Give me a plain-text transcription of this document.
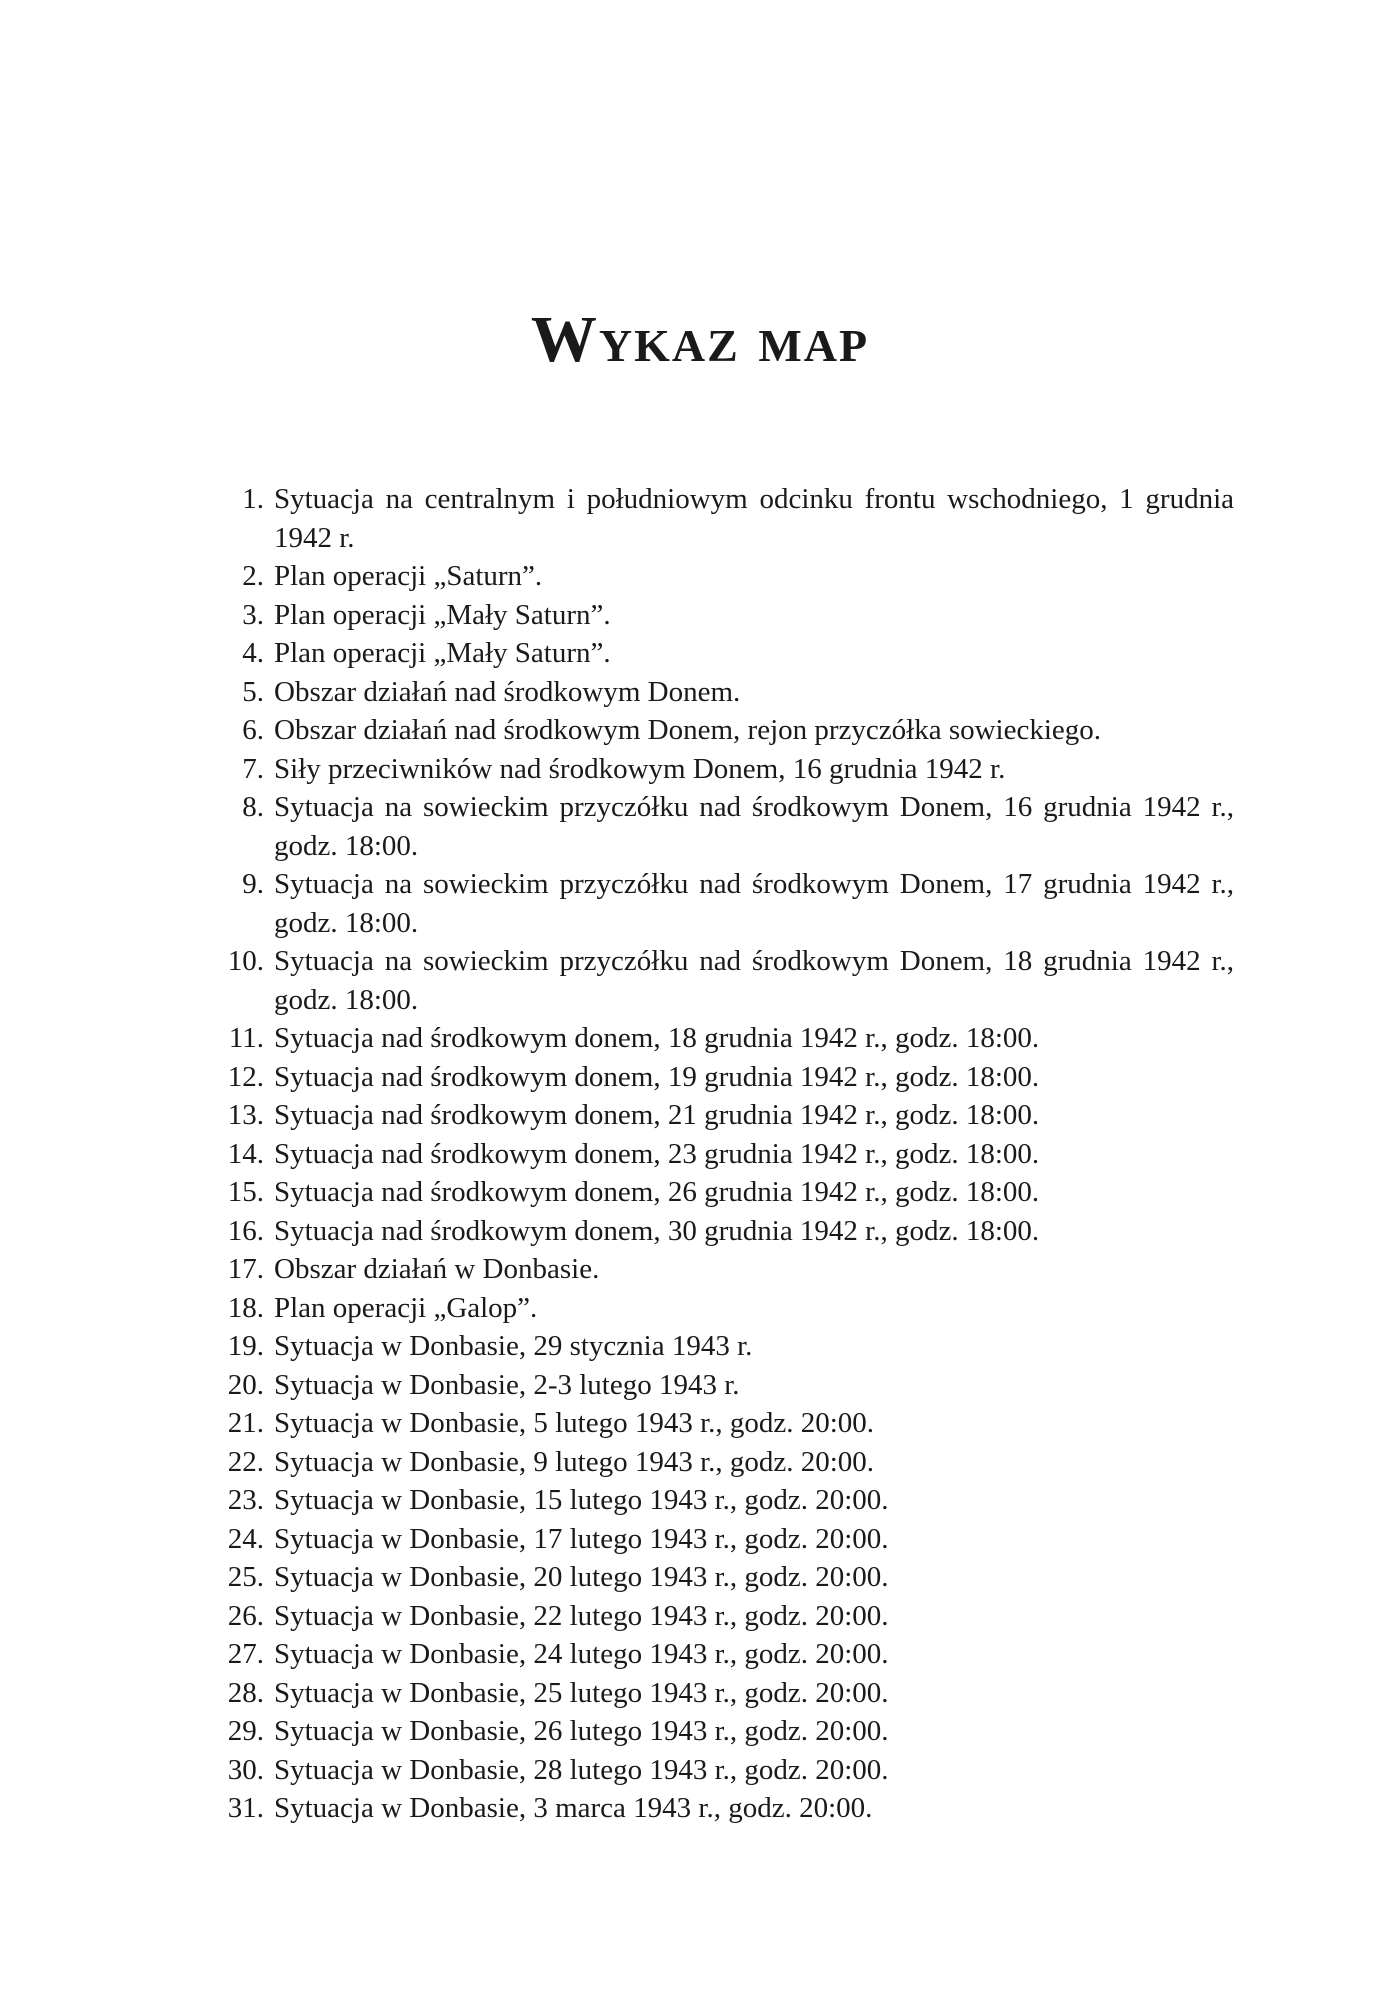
Wykaz map
1. Sytuacja na centralnym i południowym odcinku frontu wschodniego, 1 grudnia 1942 r.
2. Plan operacji „Saturn”.
3. Plan operacji „Mały Saturn”.
4. Plan operacji „Mały Saturn”.
5. Obszar działań nad środkowym Donem.
6. Obszar działań nad środkowym Donem, rejon przyczółka sowieckiego.
7. Siły przeciwników nad środkowym Donem, 16 grudnia 1942 r.
8. Sytuacja na sowieckim przyczółku nad środkowym Donem, 16 grudnia 1942 r., godz. 18:00.
9. Sytuacja na sowieckim przyczółku nad środkowym Donem, 17 grudnia 1942 r., godz. 18:00.
10. Sytuacja na sowieckim przyczółku nad środkowym Donem, 18 grudnia 1942 r., godz. 18:00.
11. Sytuacja nad środkowym donem, 18 grudnia 1942 r., godz. 18:00.
12. Sytuacja nad środkowym donem, 19 grudnia 1942 r., godz. 18:00.
13. Sytuacja nad środkowym donem, 21 grudnia 1942 r., godz. 18:00.
14. Sytuacja nad środkowym donem, 23 grudnia 1942 r., godz. 18:00.
15. Sytuacja nad środkowym donem, 26 grudnia 1942 r., godz. 18:00.
16. Sytuacja nad środkowym donem, 30 grudnia 1942 r., godz. 18:00.
17. Obszar działań w Donbasie.
18. Plan operacji „Galop”.
19. Sytuacja w Donbasie, 29 stycznia 1943 r.
20. Sytuacja w Donbasie, 2-3 lutego 1943 r.
21. Sytuacja w Donbasie, 5 lutego 1943 r., godz. 20:00.
22. Sytuacja w Donbasie, 9 lutego 1943 r., godz. 20:00.
23. Sytuacja w Donbasie, 15 lutego 1943 r., godz. 20:00.
24. Sytuacja w Donbasie, 17 lutego 1943 r., godz. 20:00.
25. Sytuacja w Donbasie, 20 lutego 1943 r., godz. 20:00.
26. Sytuacja w Donbasie, 22 lutego 1943 r., godz. 20:00.
27. Sytuacja w Donbasie, 24 lutego 1943 r., godz. 20:00.
28. Sytuacja w Donbasie, 25 lutego 1943 r., godz. 20:00.
29. Sytuacja w Donbasie, 26 lutego 1943 r., godz. 20:00.
30. Sytuacja w Donbasie, 28 lutego 1943 r., godz. 20:00.
31. Sytuacja w Donbasie, 3 marca 1943 r., godz. 20:00.
